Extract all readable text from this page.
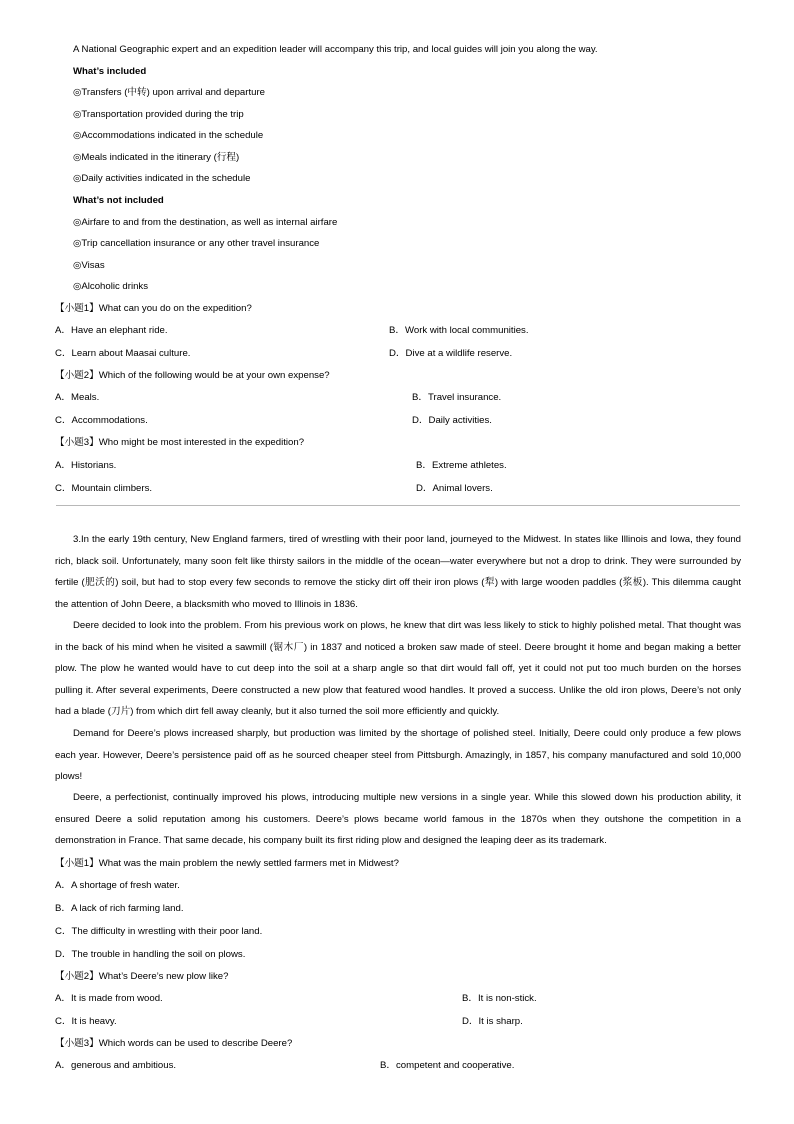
A National Geographic expert and an expedition leader will accompany this trip, and local guides will join you along the way.
What’s included
◎Transfers (中转) upon arrival and departure
◎Transportation provided during the trip
◎Accommodations indicated in the schedule
◎Meals indicated in the itinerary (行程)
◎Daily activities indicated in the schedule
What’s not included
◎Airfare to and from the destination, as well as internal airfare
◎Trip cancellation insurance or any other travel insurance
◎Visas
◎Alcoholic drinks
【小题1】What can you do on the expedition?
A．Have an elephant ride.	B．Work with local communities.
C．Learn about Maasai culture.	D．Dive at a wildlife reserve.
【小题2】Which of the following would be at your own expense?
A．Meals.	B．Travel insurance.
C．Accommodations.	D．Daily activities.
【小题3】Who might be most interested in the expedition?
A．Historians.	B．Extreme athletes.
C．Mountain climbers.	D．Animal lovers.

3.In the early 19th century, New England farmers, tired of wrestling with their poor land, journeyed to the Midwest. In states like Illinois and Iowa, they found rich, black soil. Unfortunately, many soon felt like thirsty sailors in the middle of the ocean—water everywhere but not a drop to drink. They were surrounded by fertile (肥沃的) soil, but had to stop every few seconds to remove the sticky dirt off their iron plows (犁) with large wooden paddles (浆板). This dilemma caught the attention of John Deere, a blacksmith who moved to Illinois in 1836.

Deere decided to look into the problem. From his previous work on plows, he knew that dirt was less likely to stick to highly polished metal. That thought was in the back of his mind when he visited a sawmill (锯木厂) in 1837 and noticed a broken saw made of steel. Deere brought it home and began making a better plow. The plow he wanted would have to cut deep into the soil at a sharp angle so that dirt would fall off, yet it could not put too much burden on the horses pulling it. After several experiments, Deere constructed a new plow that featured wood handles. It proved a success. Unlike the old iron plows, Deere’s not only had a blade (刀片) from which dirt fell away cleanly, but it also turned the soil more efficiently and quickly.

Demand for Deere’s plows increased sharply, but production was limited by the shortage of polished steel. Initially, Deere could only produce a few plows each year. However, Deere’s persistence paid off as he sourced cheaper steel from Pittsburgh. Amazingly, in 1857, his company manufactured and sold 10,000 plows!

Deere, a perfectionist, continually improved his plows, introducing multiple new versions in a single year. While this slowed down his production ability, it ensured Deere a solid reputation among his customers. Deere’s plows became world famous in the 1870s when they outshone the competition in a demonstration in France. That same decade, his company built its first riding plow and designed the leaping deer as its trademark.

【小题1】What was the main problem the newly settled farmers met in Midwest?
A．A shortage of fresh water.
B．A lack of rich farming land.
C．The difficulty in wrestling with their poor land.
D．The trouble in handling the soil on plows.
【小题2】What’s Deere’s new plow like?
A．It is made from wood.	B．It is non-stick.
C．It is heavy.	D．It is sharp.
【小题3】Which words can be used to describe Deere?
A．generous and ambitious.	B．competent and cooperative.
